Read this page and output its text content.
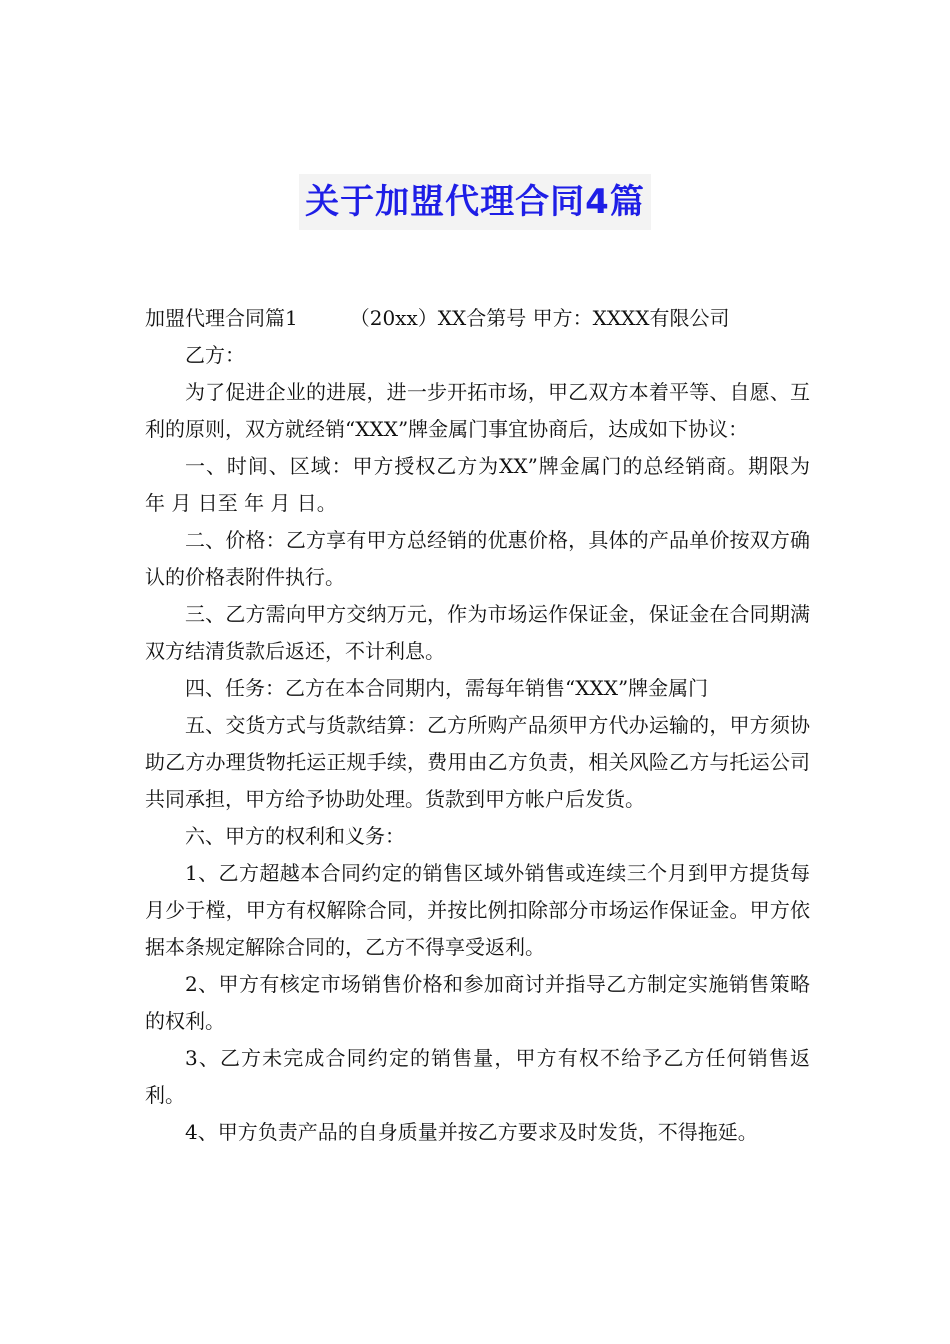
关于加盟代理合同4篇

加盟代理合同篇1	（20xx）XX合第号 甲方：XXXX有限公司

乙方：

为了促进企业的进展，进一步开拓市场，甲乙双方本着平等、自愿、互利的原则，双方就经销“XXX”牌金属门事宜协商后，达成如下协议：

一、时间、区域：甲方授权乙方为XX”牌金属门的总经销商。期限为 年 月 日至 年 月 日。

二、价格：乙方享有甲方总经销的优惠价格，具体的产品单价按双方确认的价格表附件执行。

三、乙方需向甲方交纳万元，作为市场运作保证金，保证金在合同期满双方结清货款后返还，不计利息。

四、任务：乙方在本合同期内，需每年销售“XXX”牌金属门

五、交货方式与货款结算：乙方所购产品须甲方代办运输的，甲方须协助乙方办理货物托运正规手续，费用由乙方负责，相关风险乙方与托运公司共同承担，甲方给予协助处理。货款到甲方帐户后发货。

六、甲方的权利和义务：

1、乙方超越本合同约定的销售区域外销售或连续三个月到甲方提货每月少于樘，甲方有权解除合同，并按比例扣除部分市场运作保证金。甲方依据本条规定解除合同的，乙方不得享受返利。

2、甲方有核定市场销售价格和参加商讨并指导乙方制定实施销售策略的权利。

3、乙方未完成合同约定的销售量，甲方有权不给予乙方任何销售返利。

4、甲方负责产品的自身质量并按乙方要求及时发货，不得拖延。
